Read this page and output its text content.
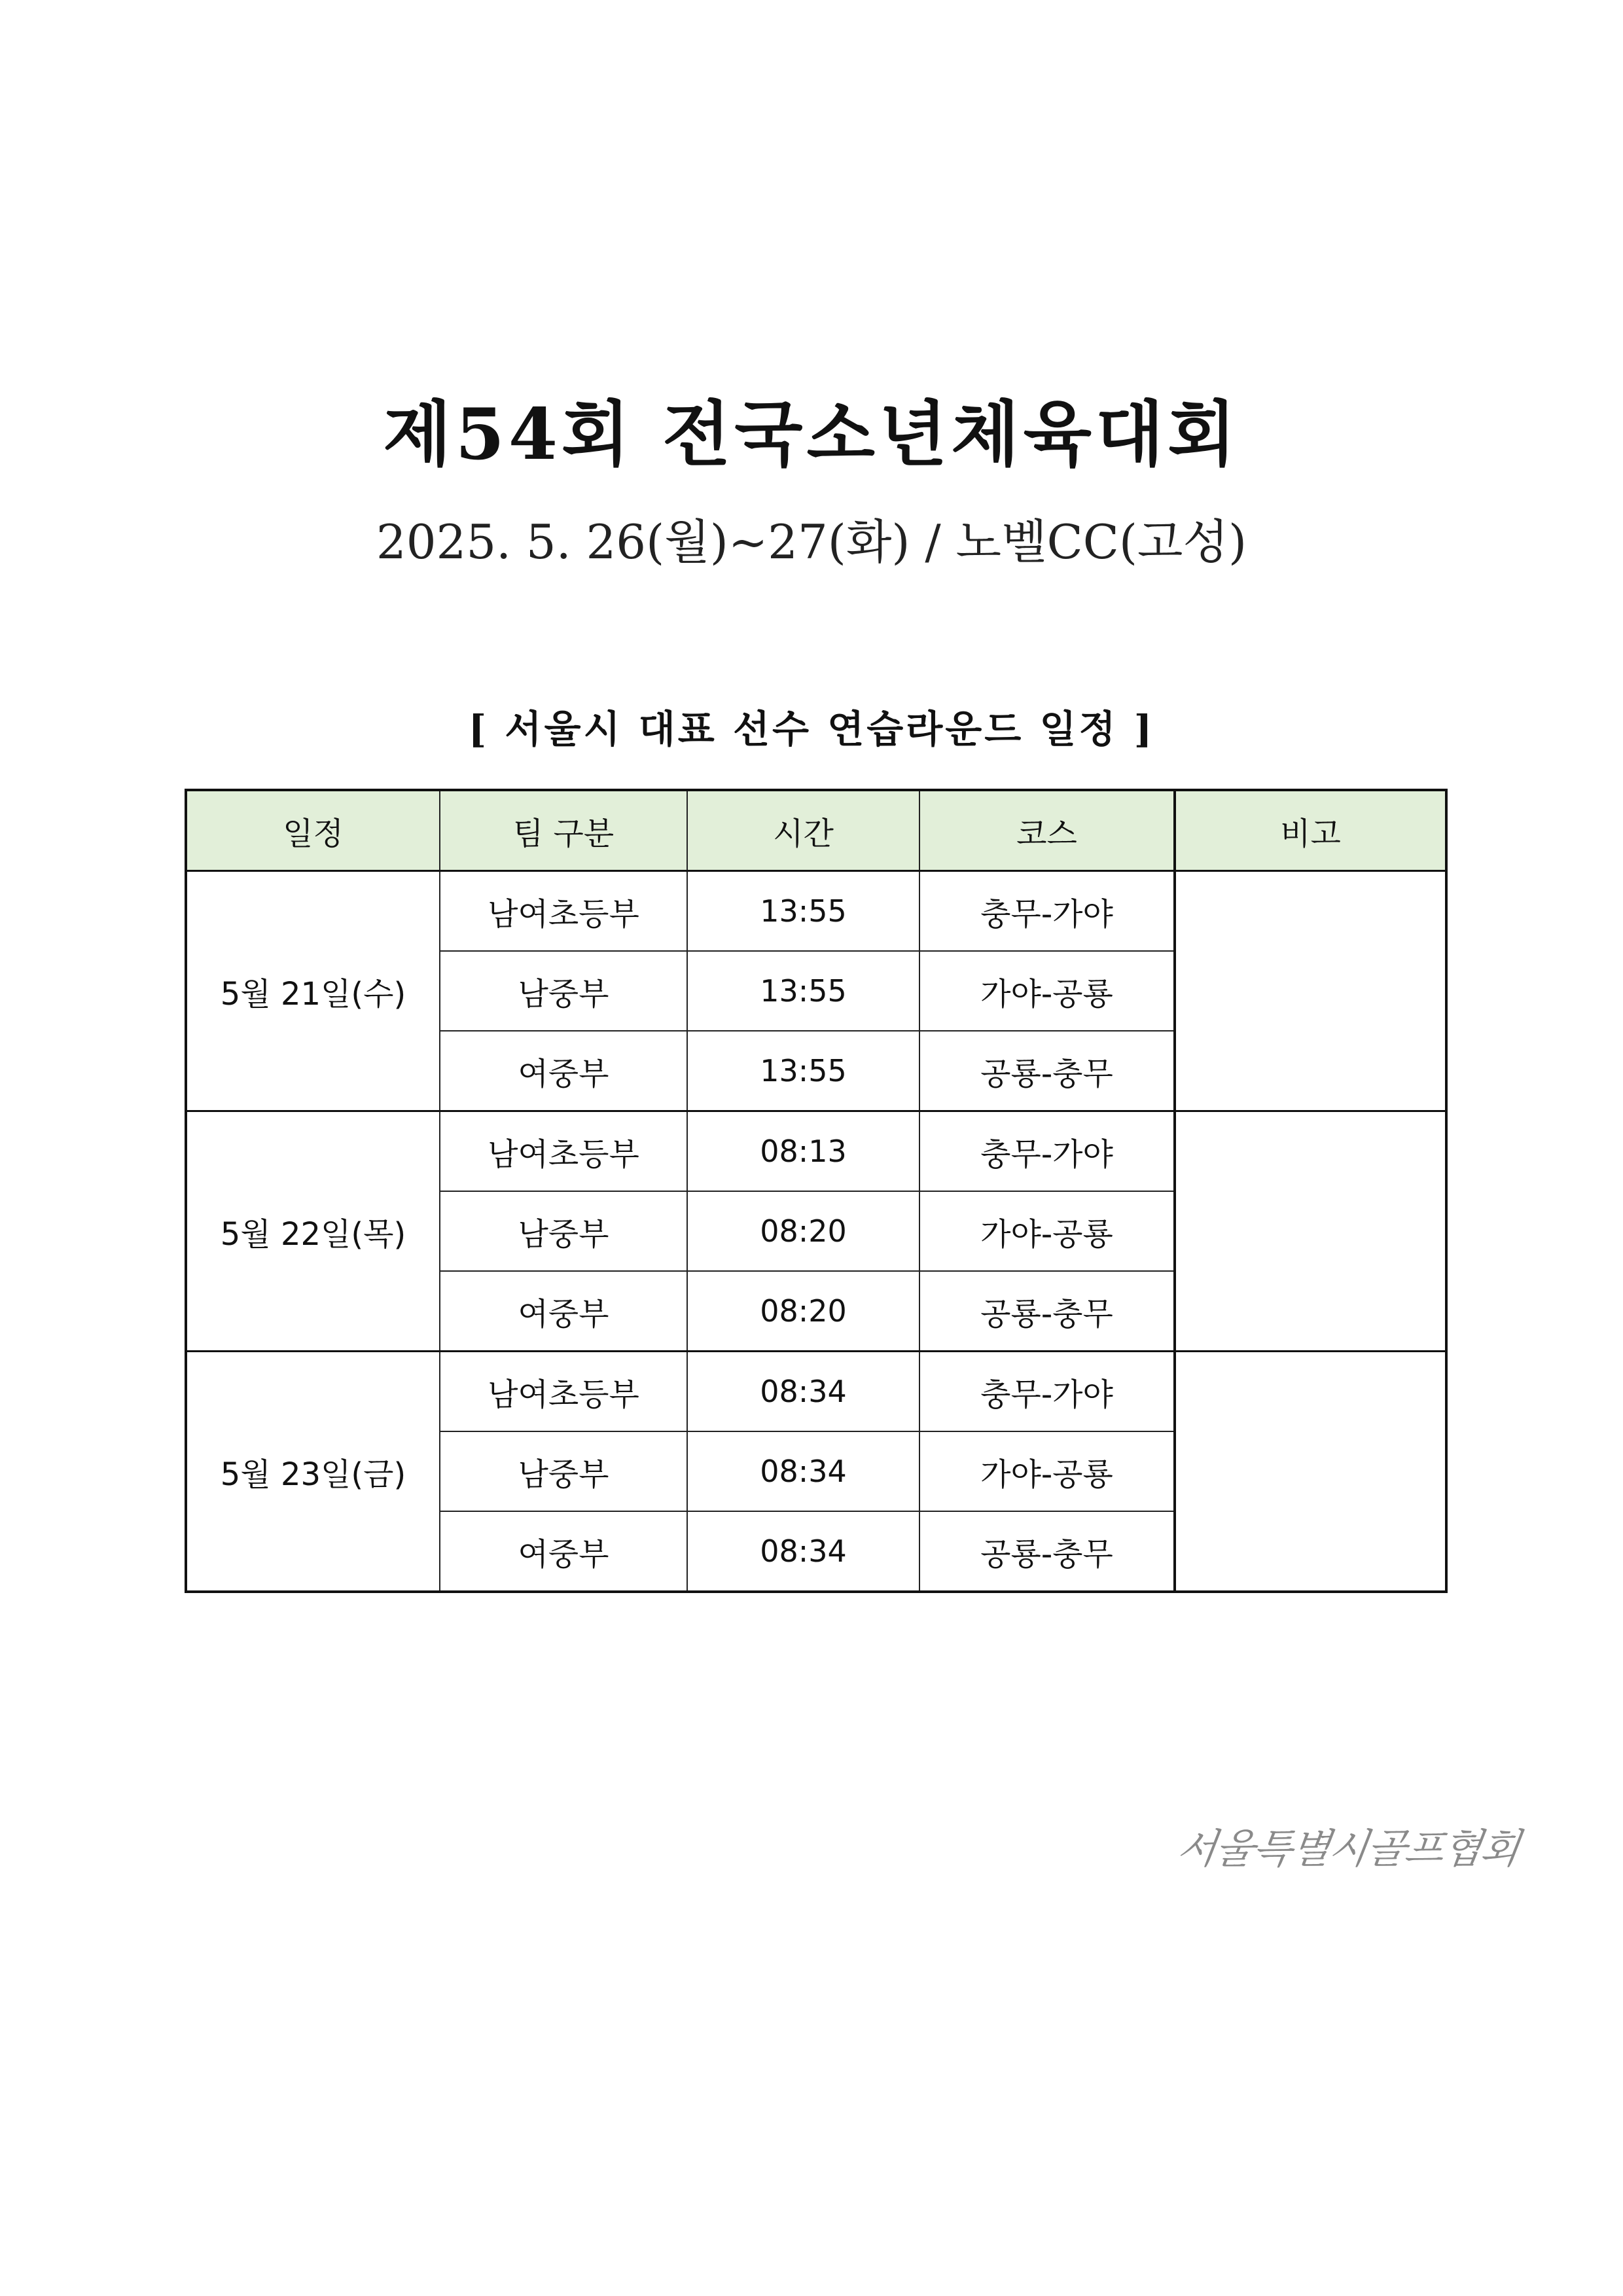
제54회 전국소년체육대회
2025. 5. 26(월)~27(화) / 노벨CC(고성)
[ 서울시 대표 선수 연습라운드 일정 ]
일정	팀 구분	시간	코스	비고
5월 21일(수)	남여초등부	13:55	충무-가야	
	남중부	13:55	가야-공룡	
	여중부	13:55	공룡-충무	
5월 22일(목)	남여초등부	08:13	충무-가야	
	남중부	08:20	가야-공룡	
	여중부	08:20	공룡-충무	
5월 23일(금)	남여초등부	08:34	충무-가야	
	남중부	08:34	가야-공룡	
	여중부	08:34	공룡-충무	
서울특별시골프협회
